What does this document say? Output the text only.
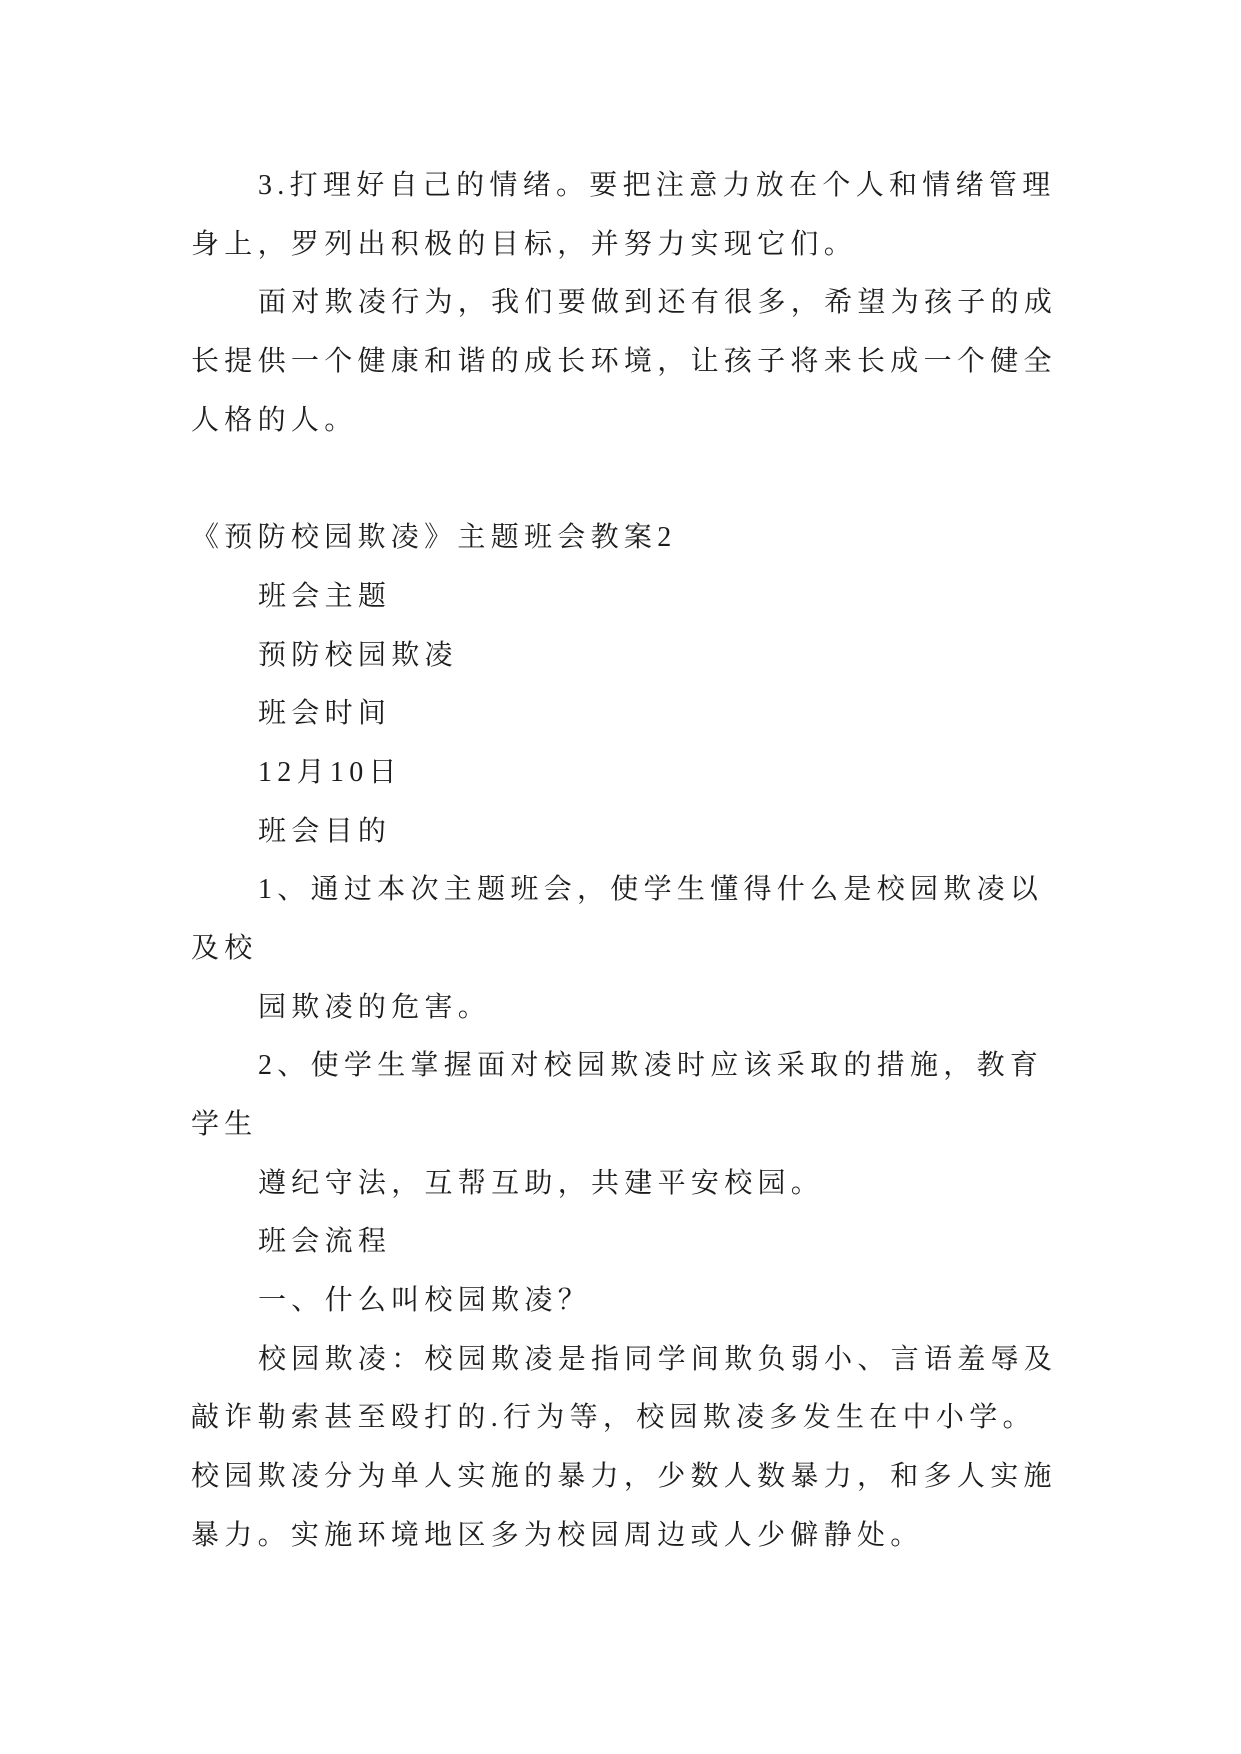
3.打理好自己的情绪。要把注意力放在个人和情绪管理
身上，罗列出积极的目标，并努力实现它们。

面对欺凌行为，我们要做到还有很多，希望为孩子的成
长提供一个健康和谐的成长环境，让孩子将来长成一个健全
人格的人。

《预防校园欺凌》主题班会教案2

班会主题

预防校园欺凌

班会时间

12月10日

班会目的

1、通过本次主题班会，使学生懂得什么是校园欺凌以
及校

园欺凌的危害。

2、使学生掌握面对校园欺凌时应该采取的措施，教育
学生

遵纪守法，互帮互助，共建平安校园。

班会流程

一、什么叫校园欺凌？

校园欺凌：校园欺凌是指同学间欺负弱小、言语羞辱及
敲诈勒索甚至殴打的.行为等，校园欺凌多发生在中小学。
校园欺凌分为单人实施的暴力，少数人数暴力，和多人实施
暴力。实施环境地区多为校园周边或人少僻静处。
